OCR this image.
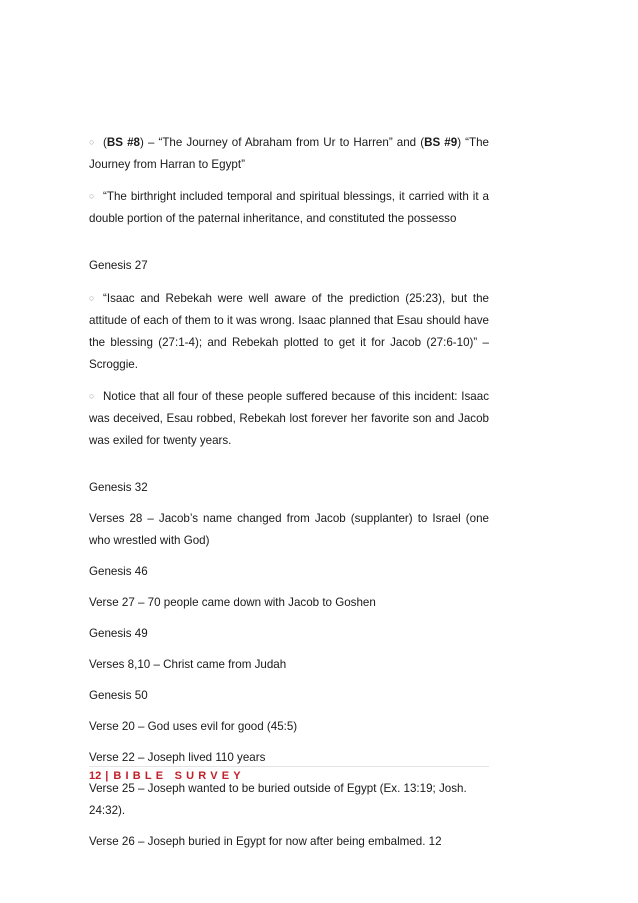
○ (BS #8) – “The Journey of Abraham from Ur to Harren” and (BS #9) “The Journey from Harran to Egypt”

○ “The birthright included temporal and spiritual blessings, it carried with it a double portion of the paternal inheritance, and constituted the possesso

Genesis 27

○ “Isaac and Rebekah were well aware of the prediction (25:23), but the attitude of each of them to it was wrong. Isaac planned that Esau should have the blessing (27:1-4); and Rebekah plotted to get it for Jacob (27:6-10)” –Scroggie.

○ Notice that all four of these people suffered because of this incident: Isaac was deceived, Esau robbed, Rebekah lost forever her favorite son and Jacob was exiled for twenty years.

Genesis 32

Verses 28 – Jacob’s name changed from Jacob (supplanter) to Israel (one who wrestled with God)

Genesis 46

Verse 27 – 70 people came down with Jacob to Goshen

Genesis 49

Verses 8,10 – Christ came from Judah

Genesis 50

Verse 20 – God uses evil for good (45:5)

Verse 22 – Joseph lived 110 years

Verse 25 – Joseph wanted to be buried outside of Egypt (Ex. 13:19; Josh. 24:32).

Verse 26 – Joseph buried in Egypt for now after being embalmed. 12

12 | BIBLE SURVEY
